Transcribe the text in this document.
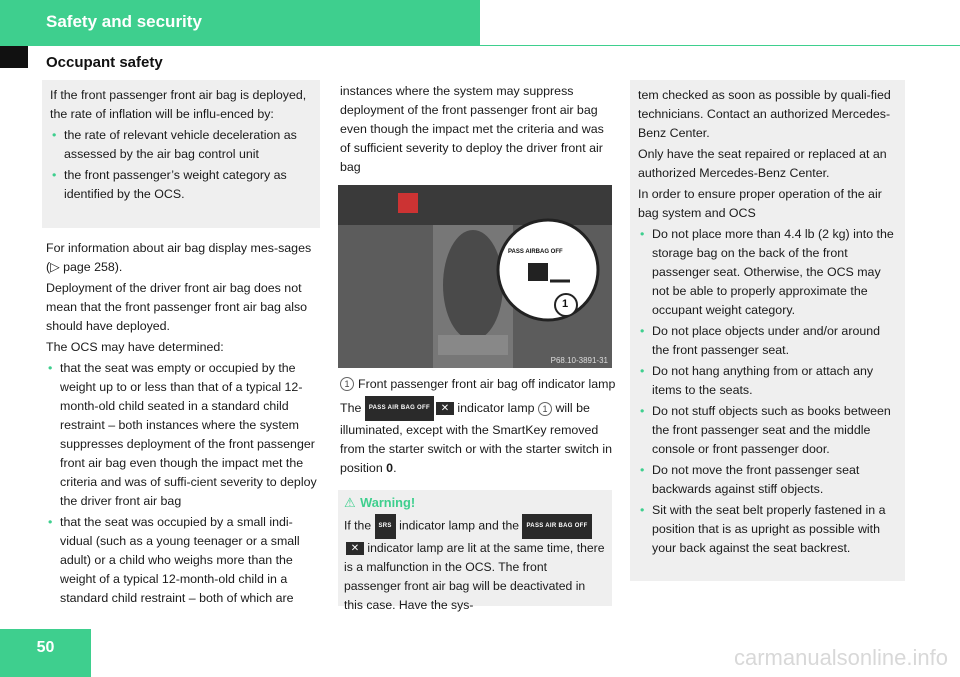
Safety and security
Occupant safety

If the front passenger front air bag is deployed, the rate of inflation will be influ-enced by:

• the rate of relevant vehicle deceleration as assessed by the air bag control unit
• the front passenger’s weight category as identified by the OCS.

For information about air bag display mes-sages (▷ page 258).

Deployment of the driver front air bag does not mean that the front passenger front air bag also should have deployed.

The OCS may have determined:

• that the seat was empty or occupied by the weight up to or less than that of a typical 12-month-old child seated in a standard child restraint – both instances where the system suppresses deployment of the front passenger front air bag even though the impact met the criteria and was of suffi-cient severity to deploy the driver front air bag
• that the seat was occupied by a small indi-vidual (such as a young teenager or a small adult) or a child who weighs more than the weight of a typical 12-month-old child in a standard child restraint – both of which are

instances where the system may suppress deployment of the front passenger front air bag even though the impact met the criteria and was of sufficient severity to deploy the driver front air bag

PASS AIRBAG OFF
1
P68.10-3891-31

1 Front passenger front air bag off indicator lamp

The PASS AIR BAG OFF ✕ indicator lamp 1 will be illuminated, except with the SmartKey removed from the starter switch or with the starter switch in position 0.

⚠ Warning!

If the SRS indicator lamp and the PASS AIR BAG OFF✕ indicator lamp are lit at the same time, there is a malfunction in the OCS. The front passenger front air bag will be deactivated in this case. Have the sys-

tem checked as soon as possible by quali-fied technicians. Contact an authorized Mercedes-Benz Center.

Only have the seat repaired or replaced at an authorized Mercedes-Benz Center.

In order to ensure proper operation of the air bag system and OCS

• Do not place more than 4.4 lb (2 kg) into the storage bag on the back of the front passenger seat. Otherwise, the OCS may not be able to properly approximate the occupant weight category.
• Do not place objects under and/or around the front passenger seat.
• Do not hang anything from or attach any items to the seats.
• Do not stuff objects such as books between the front passenger seat and the middle console or front passenger door.
• Do not move the front passenger seat backwards against stiff objects.
• Sit with the seat belt properly fastened in a position that is as upright as possible with your back against the seat backrest.
50	carmanualsonline.info
